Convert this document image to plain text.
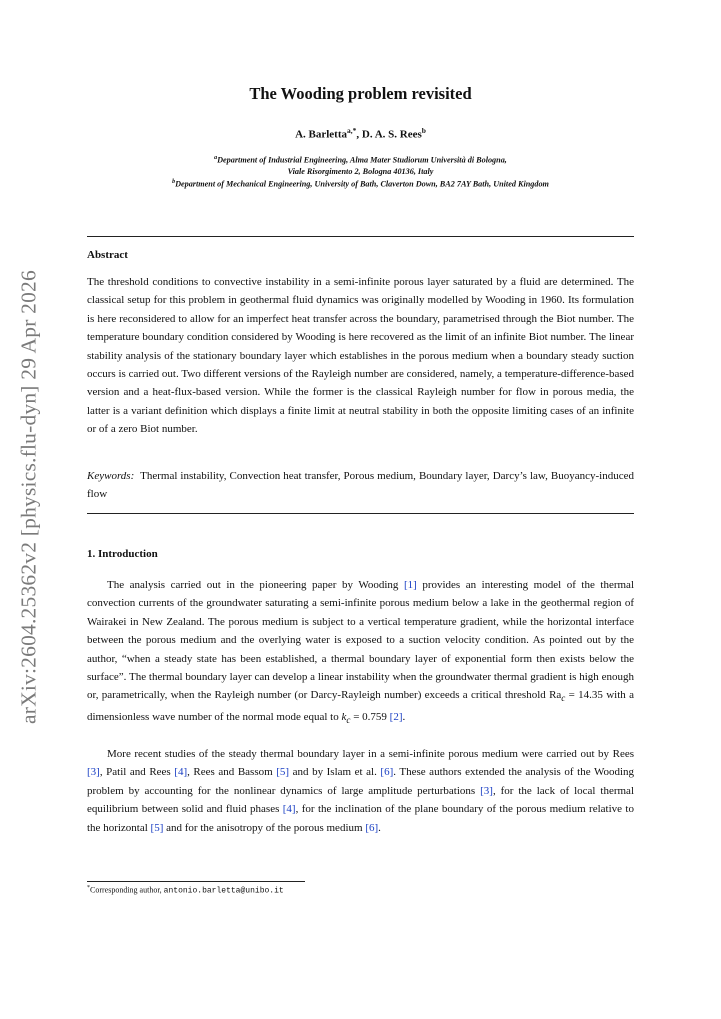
arXiv:2604.25362v2 [physics.flu-dyn] 29 Apr 2026
The Wooding problem revisited
A. Barletta$^{a,*}$, D. A. S. Rees$^b$
$^a$Department of Industrial Engineering, Alma Mater Studiorum Università di Bologna,
Viale Risorgimento 2, Bologna 40136, Italy
$^b$Department of Mechanical Engineering, University of Bath, Claverton Down, BA2 7AY Bath, United Kingdom
Abstract

The threshold conditions to convective instability in a semi-infinite porous layer saturated by a fluid are determined. The classical setup for this problem in geothermal fluid dynamics was originally modelled by Wooding in 1960. Its formulation is here reconsidered to allow for an imperfect heat transfer across the boundary, parametrised through the Biot number. The temperature boundary condition considered by Wooding is here recovered as the limit of an infinite Biot number. The linear stability analysis of the stationary boundary layer which establishes in the porous medium when a boundary steady suction occurs is carried out. Two different versions of the Rayleigh number are considered, namely, a temperature-difference-based version and a heat-flux-based version. While the former is the classical Rayleigh number for flow in porous media, the latter is a variant definition which displays a finite limit at neutral stability in both the opposite limiting cases of an infinite or of a zero Biot number.

Keywords: Thermal instability, Convection heat transfer, Porous medium, Boundary layer, Darcy’s law, Buoyancy-induced flow

1. Introduction

The analysis carried out in the pioneering paper by Wooding [1] provides an interesting model of the thermal convection currents of the groundwater saturating a semi-infinite porous medium below a lake in the geothermal region of Wairakei in New Zealand. The porous medium is subject to a vertical temperature gradient, while the horizontal interface between the porous medium and the overlying water is exposed to a suction velocity condition. As pointed out by the author, “when a steady state has been established, a thermal boundary layer of exponential form then exists below the surface”. The thermal boundary layer can develop a linear instability when the groundwater thermal gradient is high enough or, parametrically, when the Rayleigh number (or Darcy-Rayleigh number) exceeds a critical threshold $Ra_c = 14.35$ with a dimensionless wave number of the normal mode equal to $k_c = 0.759$ [2].

More recent studies of the steady thermal boundary layer in a semi-infinite porous medium were carried out by Rees [3], Patil and Rees [4], Rees and Bassom [5] and by Islam et al. [6]. These authors extended the analysis of the Wooding problem by accounting for the nonlinear dynamics of large amplitude perturbations [3], for the lack of local thermal equilibrium between solid and fluid phases [4], for the inclination of the plane boundary of the porous medium relative to the horizontal [5] and for the anisotropy of the porous medium [6].

*Corresponding author, antonio.barletta@unibo.it
